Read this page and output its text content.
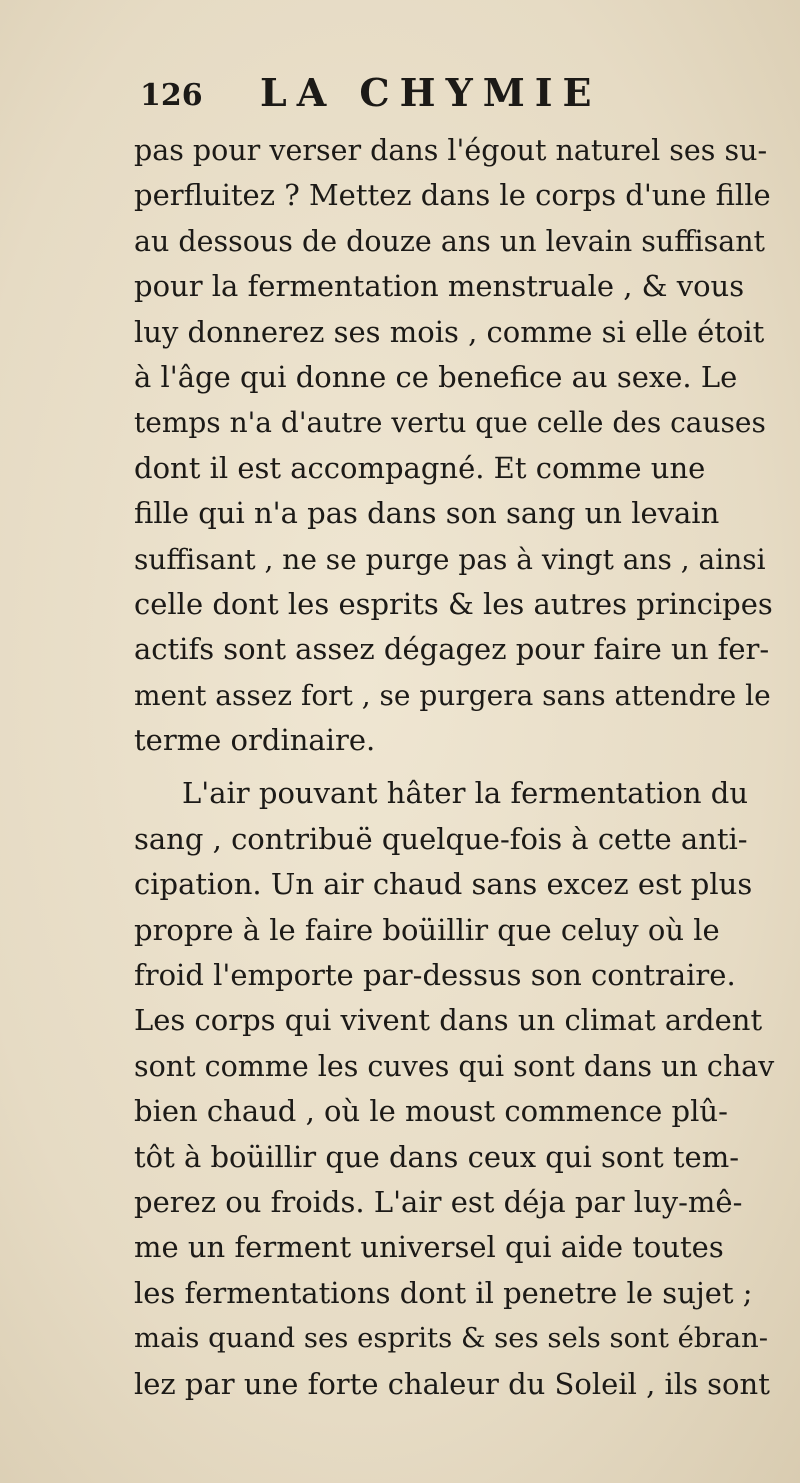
126 LA CHYMIE
pas pour verser dans l'égout naturel ses su-
perfluitez ? Mettez dans le corps d'une fille
au dessous de douze ans un levain suffisant
pour la fermentation menstruale , & vous
luy donnerez ses mois , comme si elle étoit
à l'âge qui donne ce benefice au sexe. Le
temps n'a d'autre vertu que celle des causes
dont il est accompagné. Et comme une
fille qui n'a pas dans son sang un levain
suffisant , ne se purge pas à vingt ans , ainsi
celle dont les esprits & les autres principes
actifs sont assez dégagez pour faire un fer-
ment assez fort , se purgera sans attendre le
terme ordinaire.
L'air pouvant hâter la fermentation du
sang , contribuë quelque-fois à cette anti-
cipation. Un air chaud sans excez est plus
propre à le faire boüillir que celuy où le
froid l'emporte par-dessus son contraire.
Les corps qui vivent dans un climat ardent
sont comme les cuves qui sont dans un chav
bien chaud , où le moust commence plû-
tôt à boüillir que dans ceux qui sont tem-
perez ou froids. L'air est déja par luy-mê-
me un ferment universel qui aide toutes
les fermentations dont il penetre le sujet ;
mais quand ses esprits & ses sels sont ébran-
lez par une forte chaleur du Soleil , ils sont
